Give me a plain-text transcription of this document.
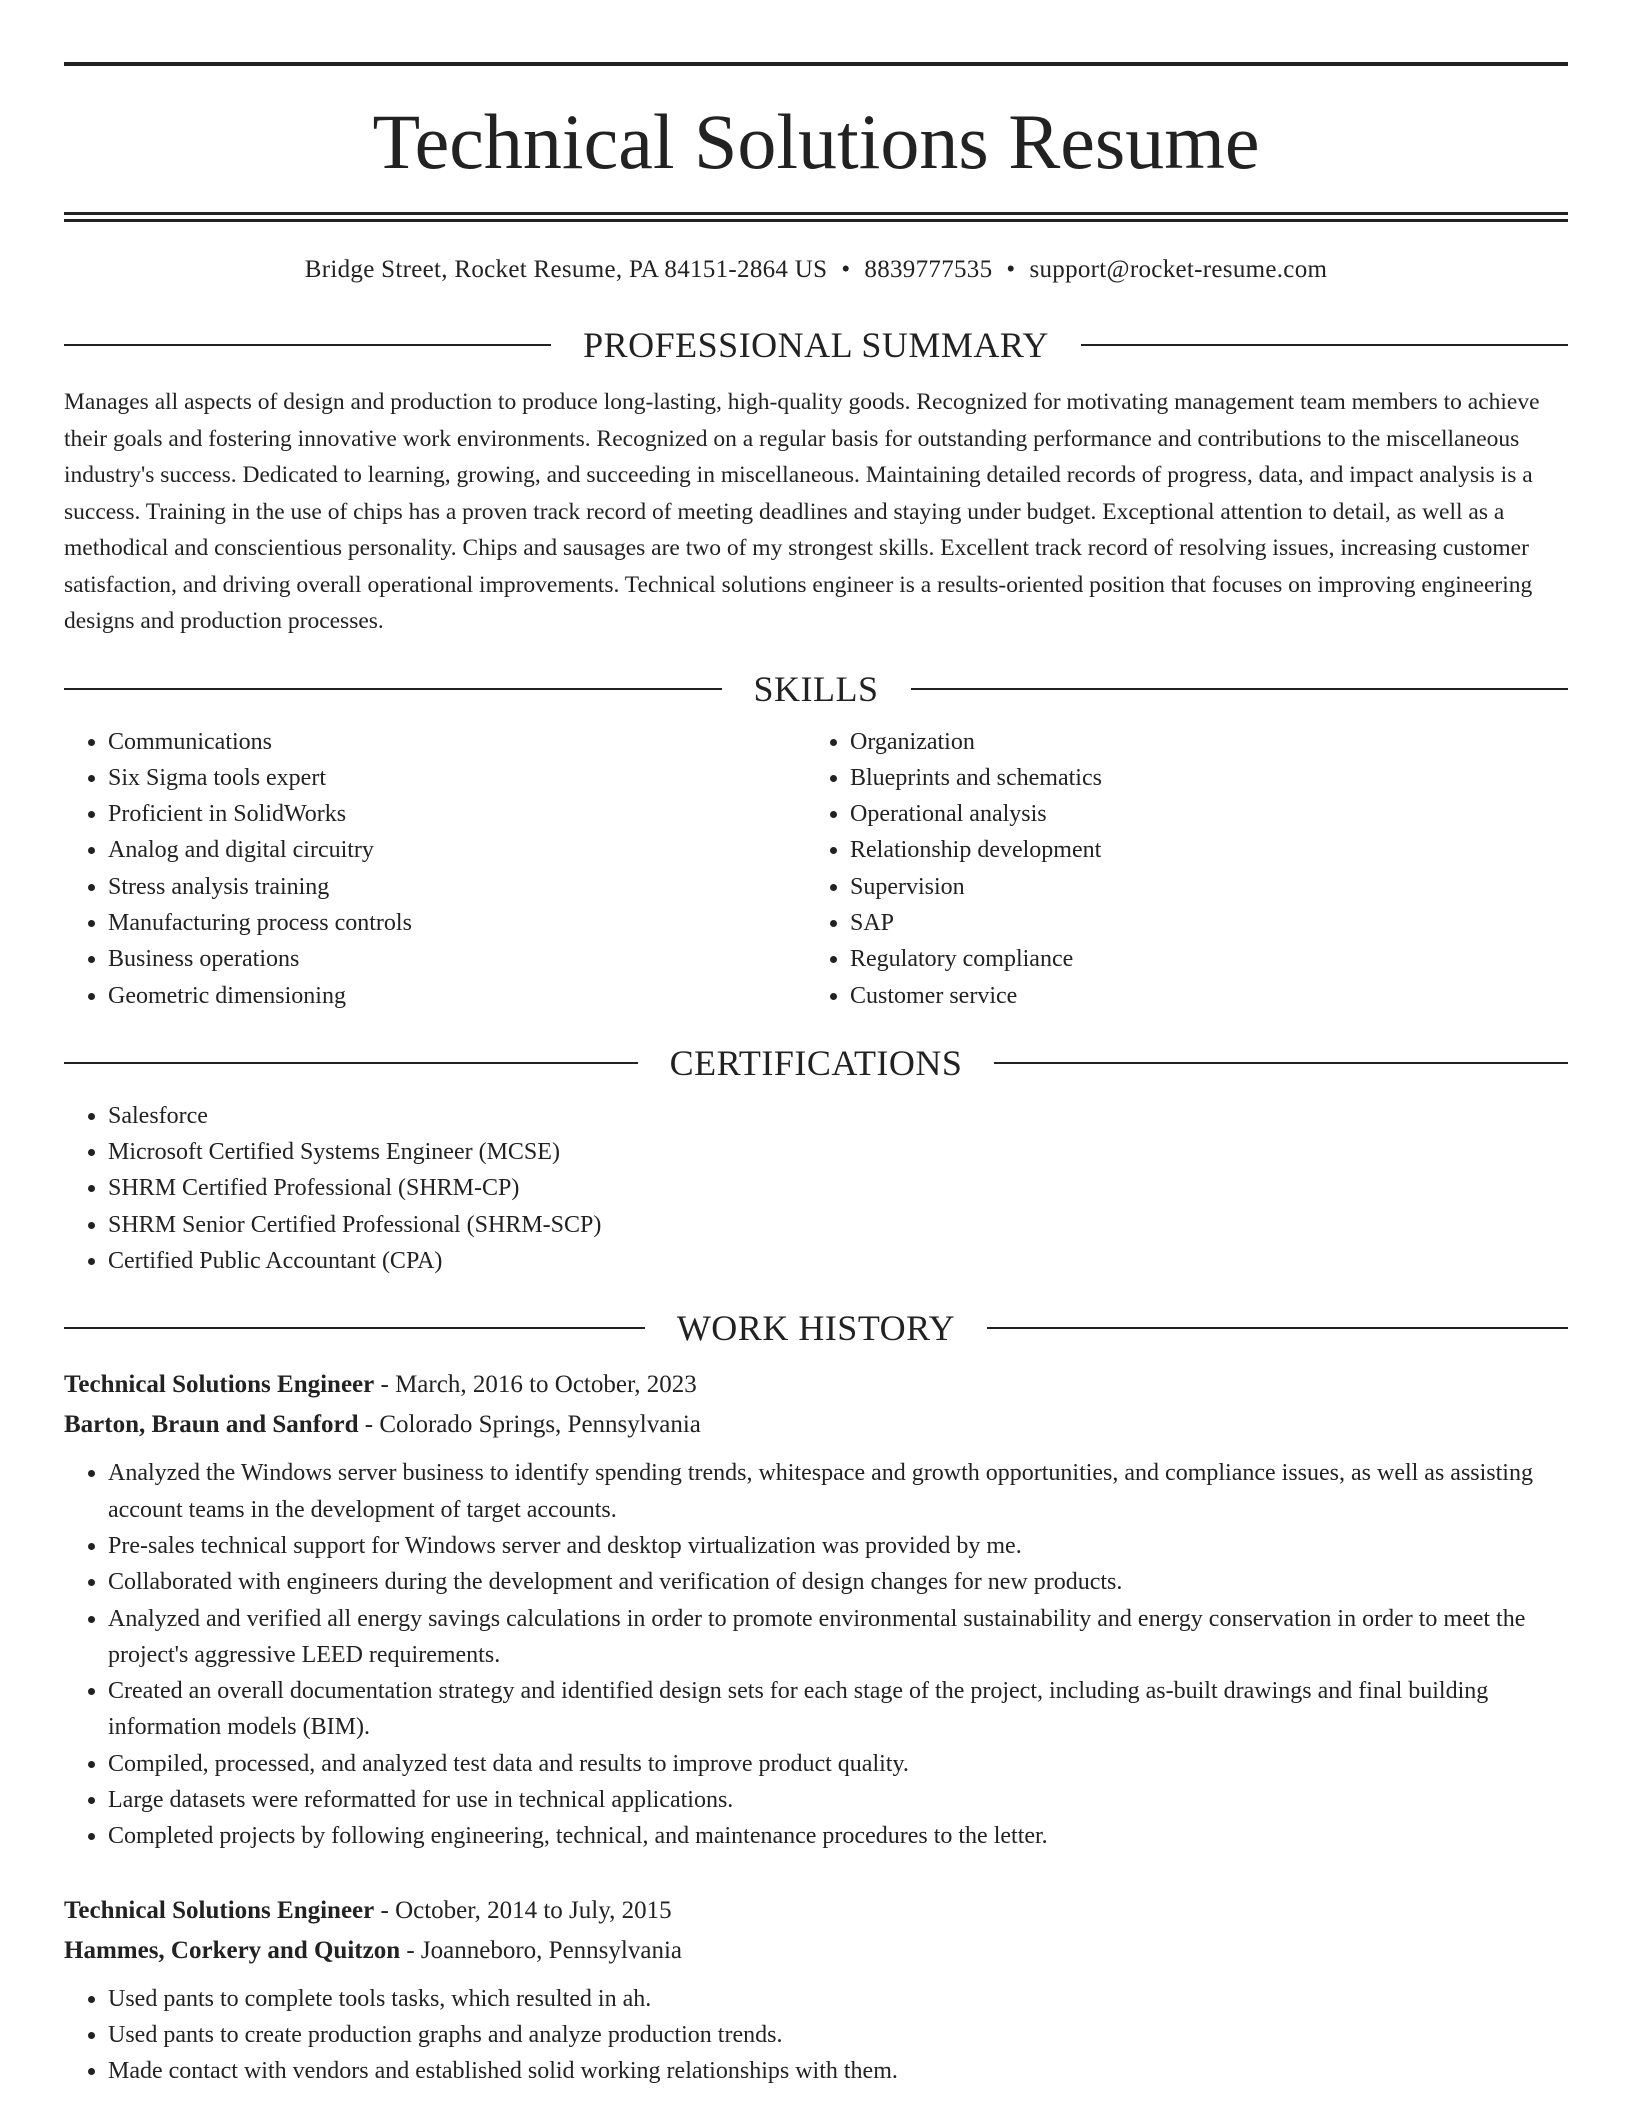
Technical Solutions Resume
Bridge Street, Rocket Resume, PA 84151-2864 US • 8839777535 • support@rocket-resume.com
PROFESSIONAL SUMMARY
Manages all aspects of design and production to produce long-lasting, high-quality goods. Recognized for motivating management team members to achieve their goals and fostering innovative work environments. Recognized on a regular basis for outstanding performance and contributions to the miscellaneous industry's success. Dedicated to learning, growing, and succeeding in miscellaneous. Maintaining detailed records of progress, data, and impact analysis is a success. Training in the use of chips has a proven track record of meeting deadlines and staying under budget. Exceptional attention to detail, as well as a methodical and conscientious personality. Chips and sausages are two of my strongest skills. Excellent track record of resolving issues, increasing customer satisfaction, and driving overall operational improvements. Technical solutions engineer is a results-oriented position that focuses on improving engineering designs and production processes.
SKILLS
• Communications
• Six Sigma tools expert
• Proficient in SolidWorks
• Analog and digital circuitry
• Stress analysis training
• Manufacturing process controls
• Business operations
• Geometric dimensioning
• Organization
• Blueprints and schematics
• Operational analysis
• Relationship development
• Supervision
• SAP
• Regulatory compliance
• Customer service
CERTIFICATIONS
• Salesforce
• Microsoft Certified Systems Engineer (MCSE)
• SHRM Certified Professional (SHRM-CP)
• SHRM Senior Certified Professional (SHRM-SCP)
• Certified Public Accountant (CPA)
WORK HISTORY
Technical Solutions Engineer - March, 2016 to October, 2023
Barton, Braun and Sanford - Colorado Springs, Pennsylvania
• Analyzed the Windows server business to identify spending trends, whitespace and growth opportunities, and compliance issues, as well as assisting account teams in the development of target accounts.
• Pre-sales technical support for Windows server and desktop virtualization was provided by me.
• Collaborated with engineers during the development and verification of design changes for new products.
• Analyzed and verified all energy savings calculations in order to promote environmental sustainability and energy conservation in order to meet the project's aggressive LEED requirements.
• Created an overall documentation strategy and identified design sets for each stage of the project, including as-built drawings and final building information models (BIM).
• Compiled, processed, and analyzed test data and results to improve product quality.
• Large datasets were reformatted for use in technical applications.
• Completed projects by following engineering, technical, and maintenance procedures to the letter.
Technical Solutions Engineer - October, 2014 to July, 2015
Hammes, Corkery and Quitzon - Joanneboro, Pennsylvania
• Used pants to complete tools tasks, which resulted in ah.
• Used pants to create production graphs and analyze production trends.
• Made contact with vendors and established solid working relationships with them.
